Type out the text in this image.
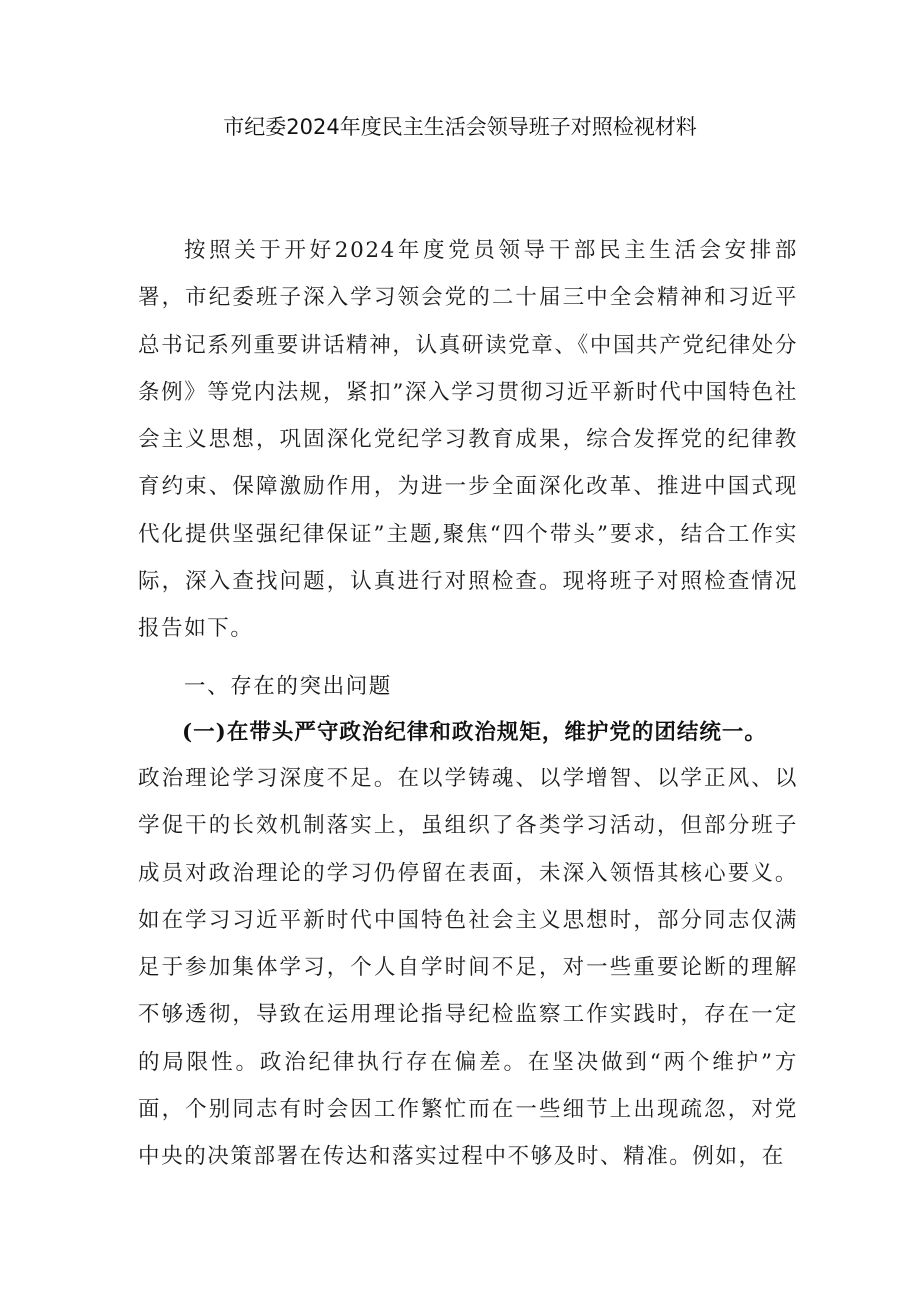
市纪委2024年度民主生活会领导班子对照检视材料
按照关于开好2024年度党员领导干部民主生活会安排部署，市纪委班子深入学习领会党的二十届三中全会精神和习近平总书记系列重要讲话精神，认真研读党章、《中国共产党纪律处分条例》等党内法规，紧扣”深入学习贯彻习近平新时代中国特色社会主义思想，巩固深化党纪学习教育成果，综合发挥党的纪律教育约束、保障激励作用，为进一步全面深化改革、推进中国式现代化提供坚强纪律保证”主题,聚焦“四个带头”要求，结合工作实际，深入查找问题，认真进行对照检查。现将班子对照检查情况报告如下。
一、存在的突出问题
(一)在带头严守政治纪律和政治规矩，维护党的团结统一。
政治理论学习深度不足。在以学铸魂、以学增智、以学正风、以学促干的长效机制落实上，虽组织了各类学习活动，但部分班子成员对政治理论的学习仍停留在表面，未深入领悟其核心要义。如在学习习近平新时代中国特色社会主义思想时，部分同志仅满足于参加集体学习，个人自学时间不足，对一些重要论断的理解不够透彻，导致在运用理论指导纪检监察工作实践时，存在一定的局限性。政治纪律执行存在偏差。在坚决做到“两个维护”方面，个别同志有时会因工作繁忙而在一些细节上出现疏忽，对党中央的决策部署在传达和落实过程中不够及时、精准。例如，在
